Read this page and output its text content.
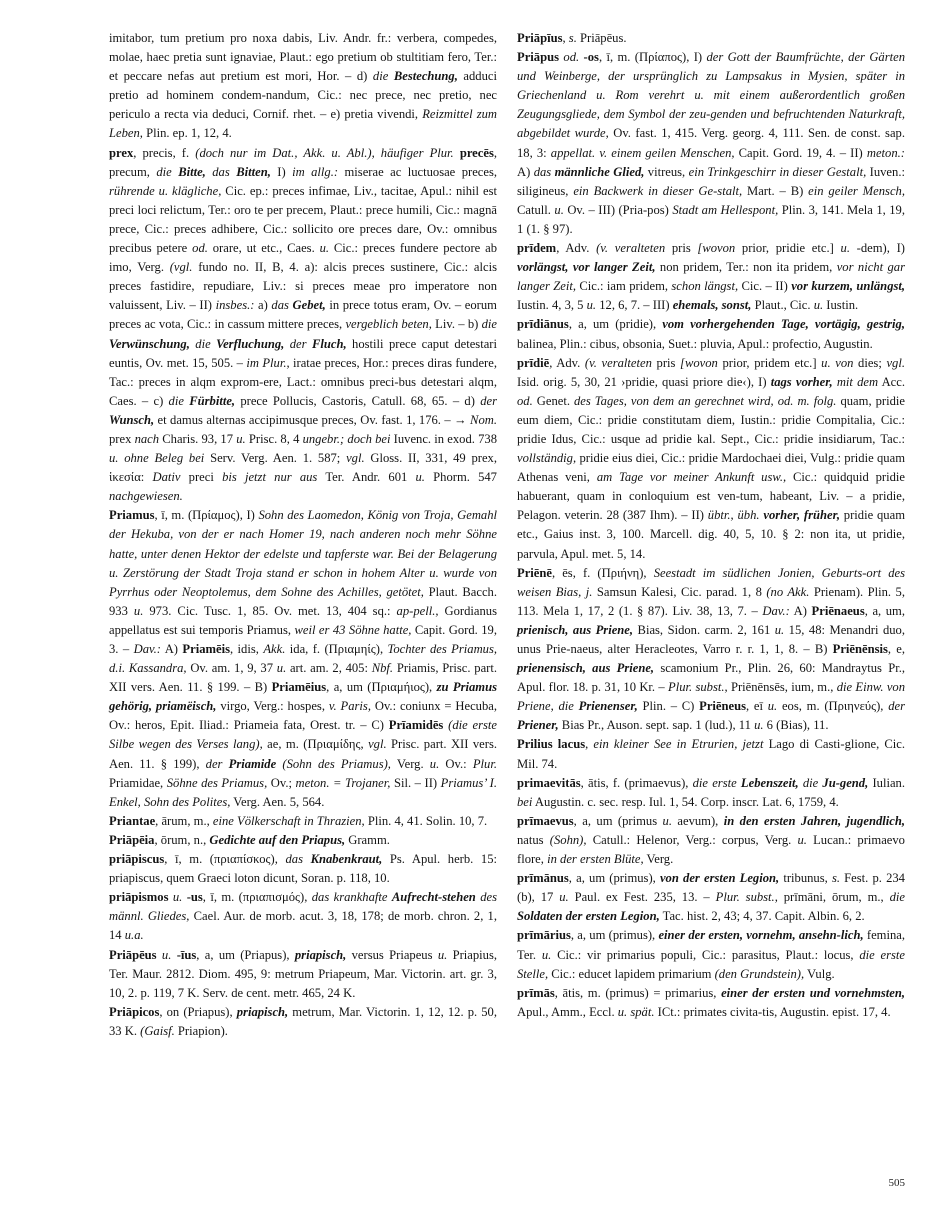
imitabor, tum pretium pro noxa dabis, Liv. Andr. fr.: verbera, compedes, molae, haec pretia sunt ignaviae, Plaut.: ego pretium ob stultitiam fero, Ter.: et peccare nefas aut pretium est mori, Hor. – d) die Bestechung, adduci pretio ad hominem condem-nandum, Cic.: nec prece, nec pretio, nec periculo a recta via deduci, Cornif. rhet. – e) pretia vivendi, Reizmittel zum Leben, Plin. ep. 1, 12, 4.

prex, precis, f. (doch nur im Dat., Akk. u. Abl.), häufiger Plur. precēs, precum, die Bitte, das Bitten, I) im allg.: miserae ac luctuosae preces, rührende u. klägliche, Cic. ep.: preces infimae, Liv., tacitae, Apul.: nihil est preci loci relictum, Ter.: oro te per precem, Plaut.: prece humili, Cic.: magnā prece, Cic.: preces adhibere, Cic.: sollicito ore preces dare, Ov.: omnibus precibus petere od. orare, ut etc., Caes. u. Cic.: preces fundere pectore ab imo, Verg. (vgl. fundo no. II, B, 4. a): alcis preces sustinere, Cic.: alcis preces fastidire, repudiare, Liv.: si preces meae pro imperatore non valuissent, Liv. – II) insbes.: a) das Gebet, in prece totus eram, Ov. – eorum preces ac vota, Cic.: in cassum mittere preces, vergeblich beten, Liv. – b) die Verwünschung, die Verfluchung, der Fluch, hostili prece caput detestari euntis, Ov. met. 15, 505. – im Plur., iratae preces, Hor.: preces diras fundere, Tac.: preces in alqm exprom-ere, Lact.: omnibus preci-bus detestari alqm, Caes. – c) die Fürbitte, prece Pollucis, Castoris, Catull. 68, 65. – d) der Wunsch, et damus alternas accipimusque preces, Ov. fast. 1, 176. – → Nom. prex nach Charis. 93, 17 u. Prisc. 8, 4 ungebr.; doch bei Iuvenc. in exod. 738 u. ohne Beleg bei Serv. Verg. Aen. 1. 587; vgl. Gloss. II, 331, 49 prex, ἱκεσία: Dativ preci bis jetzt nur aus Ter. Andr. 601 u. Phorm. 547 nachgewiesen.

Priamus, ī, m. (Πρίαμος), I) Sohn des Laomedon, König von Troja, Gemahl der Hekuba, von der er nach Homer 19, nach anderen noch mehr Söhne hatte, unter denen Hektor der edelste und tapferste war. Bei der Belagerung u. Zerstörung der Stadt Troja stand er schon in hohem Alter u. wurde von Pyrrhus oder Neoptolemus, dem Sohne des Achilles, getötet, Plaut. Bacch. 933 u. 973. Cic. Tusc. 1, 85. Ov. met. 13, 404 sq.: ap-pell., Gordianus appellatus est sui temporis Priamus, weil er 43 Söhne hatte, Capit. Gord. 19, 3. – Dav.: A) Priamēis, idis, Akk. ida, f. (Πριαμηίς), Tochter des Priamus, d.i. Kassandra, Ov. am. 1, 9, 37 u. art. am. 2, 405: Nbf. Priamis, Prisc. part. XII vers. Aen. 11. § 199. – B) Priamēius, a, um (Πριαμήιος), zu Priamus gehörig, priamëisch, virgo, Verg.: hospes, v. Paris, Ov.: coniunx = Hecuba, Ov.: heros, Epit. Iliad.: Priameia fata, Orest. tr. – C) Prīamidēs (die erste Silbe wegen des Verses lang), ae, m. (Πριαμίδης, vgl. Prisc. part. XII vers. Aen. 11. § 199), der Priamide (Sohn des Priamus), Verg. u. Ov.: Plur. Priamidae, Söhne des Priamus, Ov.; meton. = Trojaner, Sil. – II) Priamus’ I. Enkel, Sohn des Polites, Verg. Aen. 5, 564.

Priantae, ārum, m., eine Völkerschaft in Thrazien, Plin. 4, 41. Solin. 10, 7.

Priāpēia, ōrum, n., Gedichte auf den Priapus, Gramm.

priāpiscus, ī, m. (πριαπίσκος), das Knabenkraut, Ps. Apul. herb. 15: priapiscus, quem Graeci loton dicunt, Soran. p. 118, 10.

priāpismos u. -us, ī, m. (πριαπισμός), das krankhafte Aufrecht-stehen des männl. Gliedes, Cael. Aur. de morb. acut. 3, 18, 178; de morb. chron. 2, 1, 14 u.a.

Priāpēus u. -īus, a, um (Priapus), priapisch, versus Priapeus u. Priapius, Ter. Maur. 2812. Diom. 495, 9: metrum Priapeum, Mar. Victorin. art. gr. 3, 10, 2. p. 119, 7 K. Serv. de cent. metr. 465, 24 K.

Priāpicos, on (Priapus), priapisch, metrum, Mar. Victorin. 1, 12, 12. p. 50, 33 K. (Gaisf. Priapion).

Priāpīus, s. Priāpēus.

Priāpus od. -os, ī, m. (Πρίαπος), I) der Gott der Baumfrüchte, der Gärten und Weinberge, der ursprünglich zu Lampsakus in Mysien, später in Griechenland u. Rom verehrt u. mit einem außerordentlich großen Zeugungsgliede, dem Symbol der zeu-genden und befruchtenden Naturkraft, abgebildet wurde, Ov. fast. 1, 415. Verg. georg. 4, 111. Sen. de const. sap. 18, 3: appellat. v. einem geilen Menschen, Capit. Gord. 19, 4. – II) meton.: A) das männliche Glied, vitreus, ein Trinkgeschirr in dieser Gestalt, Iuven.: siligineus, ein Backwerk in dieser Ge-stalt, Mart. – B) ein geiler Mensch, Catull. u. Ov. – III) (Pria-pos) Stadt am Hellespont, Plin. 3, 141. Mela 1, 19, 1 (1. § 97).

prīdem, Adv. (v. veralteten pris [wovon prior, pridie etc.] u. -dem), I) vorlängst, vor langer Zeit, non pridem, Ter.: non ita pridem, vor nicht gar langer Zeit, Cic.: iam pridem, schon längst, Cic. – II) vor kurzem, unlängst, Iustin. 4, 3, 5 u. 12, 6, 7. – III) ehemals, sonst, Plaut., Cic. u. Iustin.

prīdiānus, a, um (pridie), vom vorhergehenden Tage, vortägig, gestrig, balinea, Plin.: cibus, obsonia, Suet.: pluvia, Apul.: profectio, Augustin.

prīdiē, Adv. (v. veralteten pris [wovon prior, pridem etc.] u. von dies; vgl. Isid. orig. 5, 30, 21 ›pridie, quasi priore die‹), I) tags vorher, mit dem Acc. od. Genet. des Tages, von dem an gerechnet wird, od. m. folg. quam, pridie eum diem, Cic.: pridie constitutam diem, Iustin.: pridie Compitalia, Cic.: pridie Idus, Cic.: usque ad pridie kal. Sept., Cic.: pridie insidiarum, Tac.: vollständig, pridie eius diei, Cic.: pridie Mardochaei diei, Vulg.: pridie quam Athenas veni, am Tage vor meiner Ankunft usw., Cic.: quidquid pridie habuerant, quam in conloquium est ven-tum, habeant, Liv. – a pridie, Pelagon. veterin. 28 (387 Ihm). – II) übtr., übh. vorher, früher, pridie quam etc., Gaius inst. 3, 100. Marcell. dig. 40, 5, 10. § 2: non ita, ut pridie, parvula, Apul. met. 5, 14.

Priēnē, ēs, f. (Πριήνη), Seestadt im südlichen Jonien, Geburts-ort des weisen Bias, j. Samsun Kalesi, Cic. parad. 1, 8 (no Akk. Prienam). Plin. 5, 113. Mela 1, 17, 2 (1. § 87). Liv. 38, 13, 7. – Dav.: A) Priēnaeus, a, um, prienisch, aus Priene, Bias, Sidon. carm. 2, 161 u. 15, 48: Menandri duo, unus Prie-naeus, alter Heracleotes, Varro r. r. 1, 1, 8. – B) Priēnēnsis, e, prienensisch, aus Priene, scamonium Pr., Plin. 26, 60: Mandraytus Pr., Apul. flor. 18. p. 31, 10 Kr. – Plur. subst., Priēnēnsēs, ium, m., die Einw. von Priene, die Prienenser, Plin. – C) Priēneus, eī u. eos, m. (Πριηνεύς), der Priener, Bias Pr., Auson. sept. sap. 1 (lud.), 11 u. 6 (Bias), 11.

Prilius lacus, ein kleiner See in Etrurien, jetzt Lago di Casti-glione, Cic. Mil. 74.

primaevitās, ātis, f. (primaevus), die erste Lebenszeit, die Ju-gend, Iulian. bei Augustin. c. sec. resp. Iul. 1, 54. Corp. inscr. Lat. 6, 1759, 4.

prīmaevus, a, um (primus u. aevum), in den ersten Jahren, jugendlich, natus (Sohn), Catull.: Helenor, Verg.: corpus, Verg. u. Lucan.: primaevo flore, in der ersten Blüte, Verg.

prīmānus, a, um (primus), von der ersten Legion, tribunus, s. Fest. p. 234 (b), 17 u. Paul. ex Fest. 235, 13. – Plur. subst., prīmāni, ōrum, m., die Soldaten der ersten Legion, Tac. hist. 2, 43; 4, 37. Capit. Albin. 6, 2.

prīmārius, a, um (primus), einer der ersten, vornehm, ansehn-lich, femina, Ter. u. Cic.: vir primarius populi, Cic.: parasitus, Plaut.: locus, die erste Stelle, Cic.: educet lapidem primarium (den Grundstein), Vulg.

prīmās, ātis, m. (primus) = primarius, einer der ersten und vornehmsten, Apul., Amm., Eccl. u. spät. ICt.: primates civita-tis, Augustin. epist. 17, 4.

505
